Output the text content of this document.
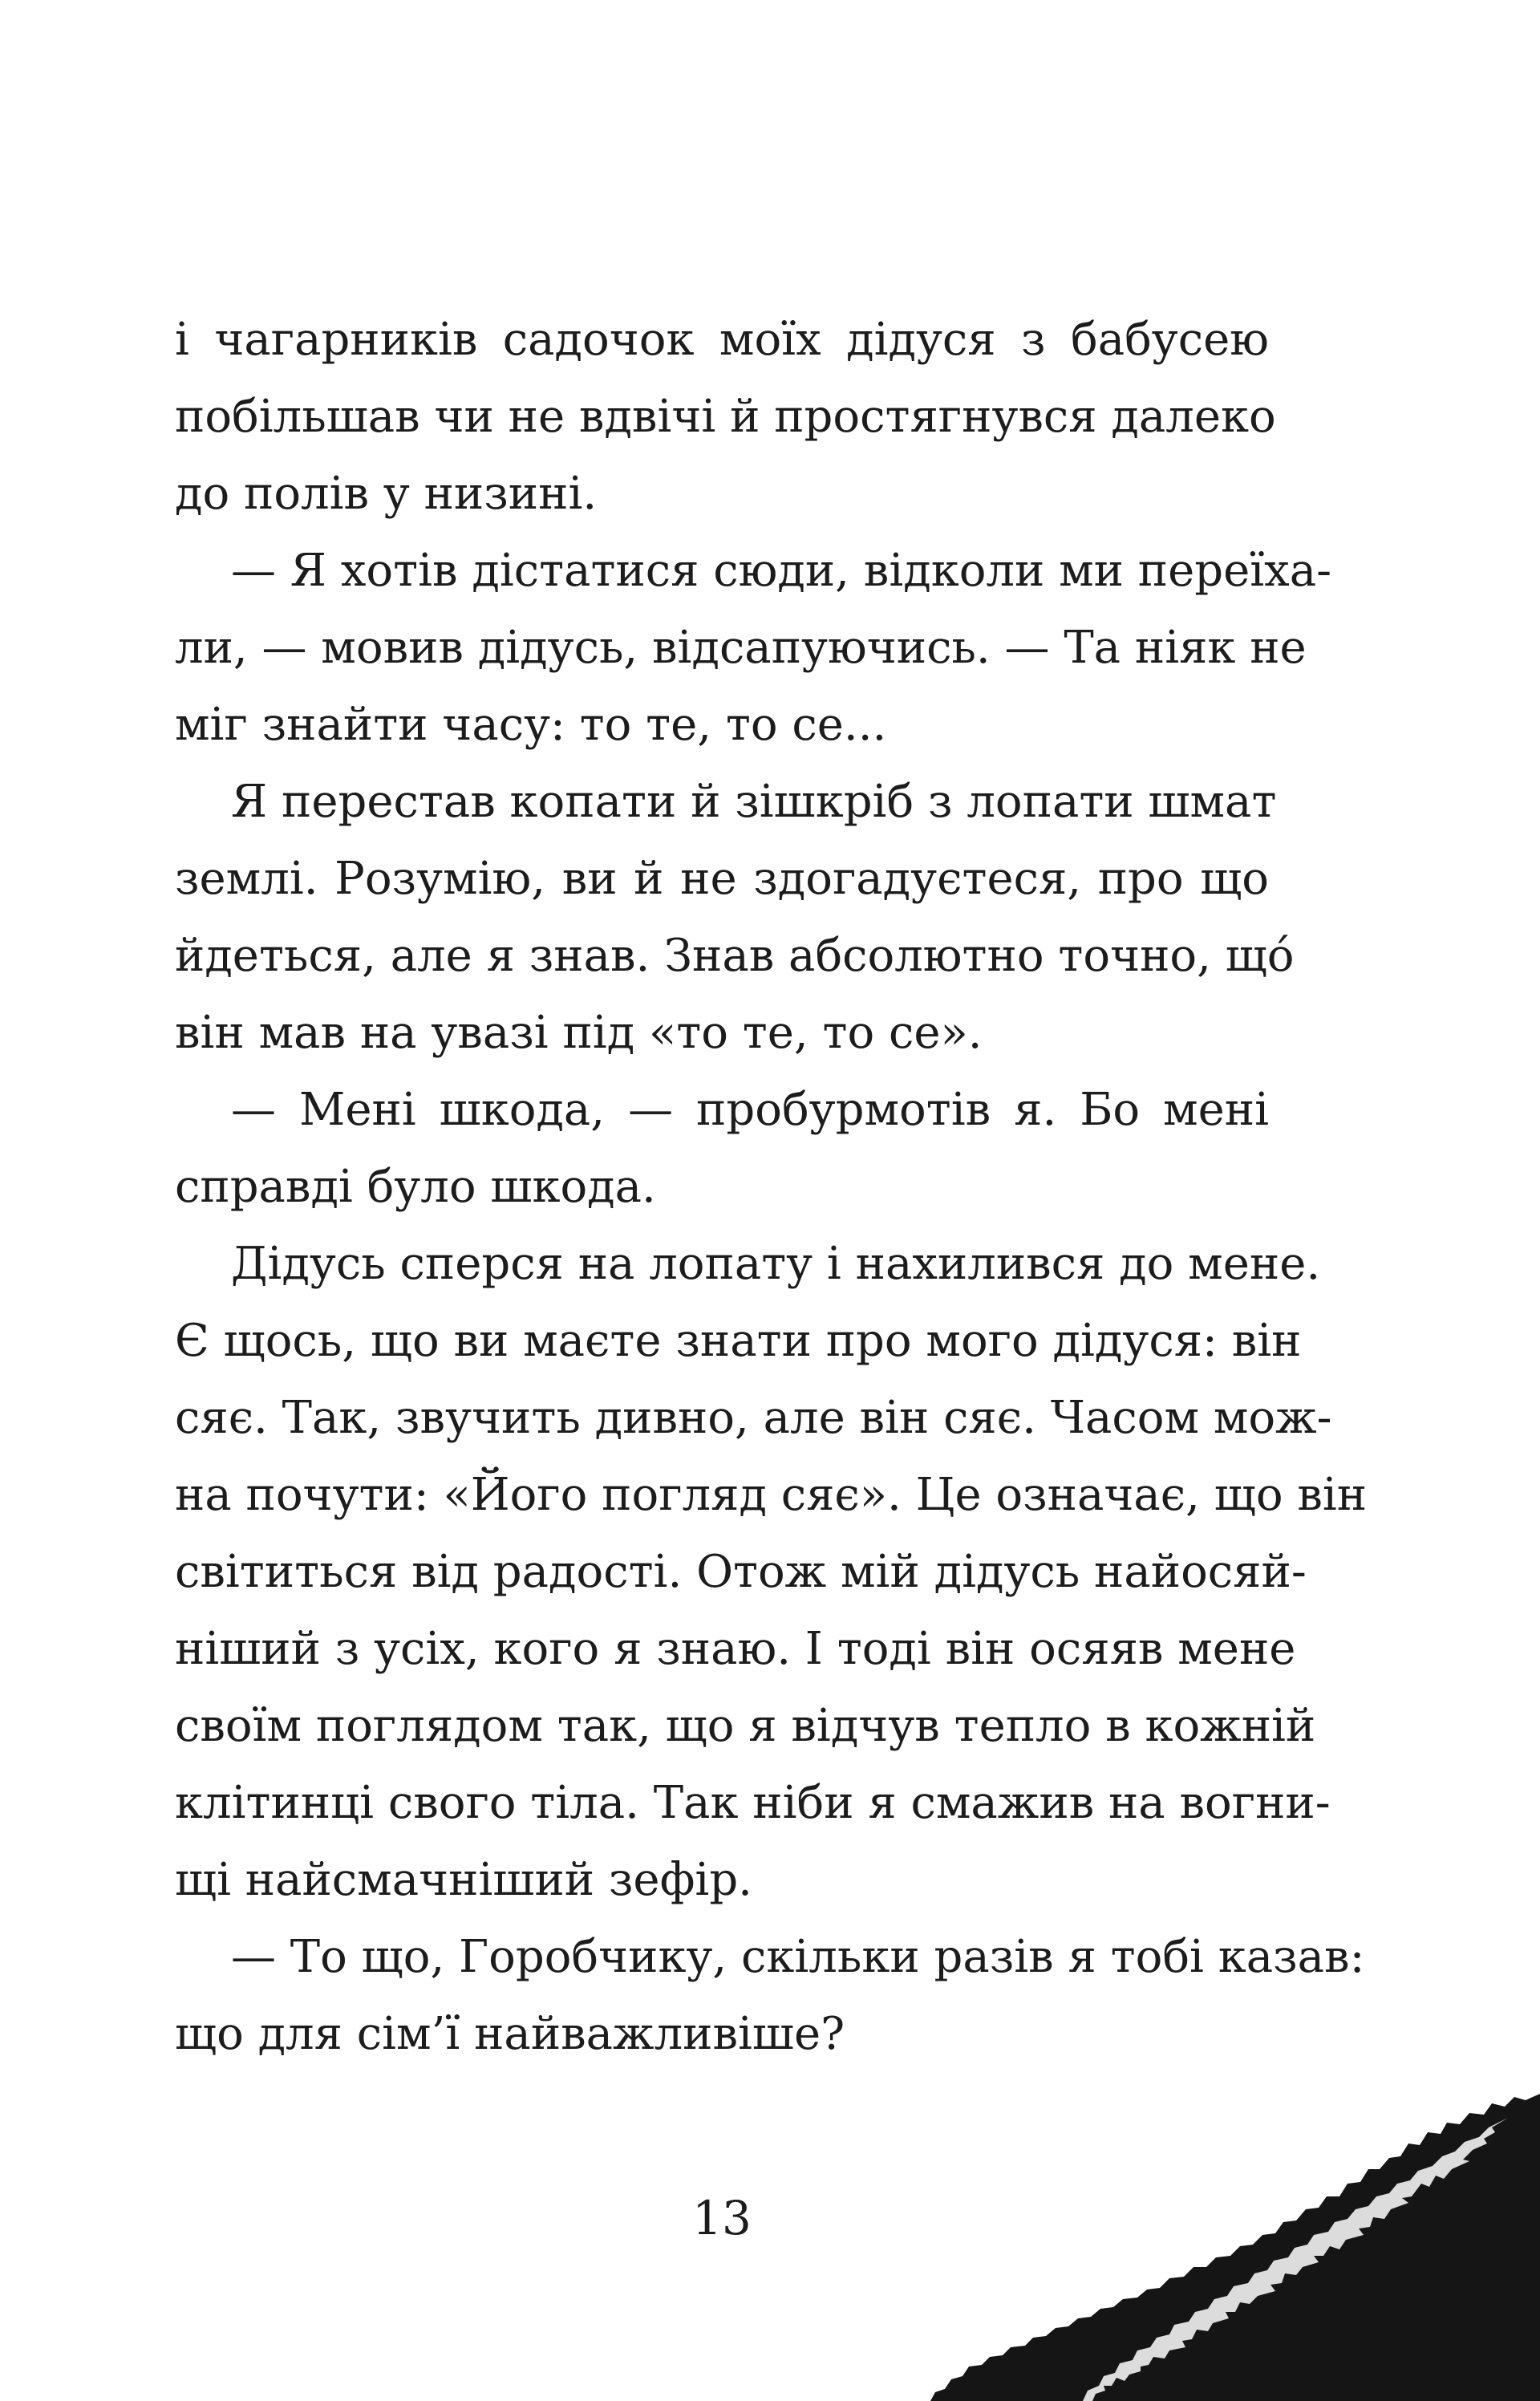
і чагарників садочок моїх дідуся з бабусею
побільшав чи не вдвічі й простягнувся далеко
до полів у низині.
— Я хотів дістатися сюди, відколи ми переїха-
ли, — мовив дідусь, відсапуючись. — Та ніяк не
міг знайти часу: то те, то се...
Я перестав копати й зішкріб з лопати шмат
землі. Розумію, ви й не здогадуєтеся, про що
йдеться, але я знав. Знав абсолютно точно, щó
він мав на увазі під «то те, то се».
— Мені шкода, — пробурмотів я. Бо мені
справді було шкода.
Дідусь сперся на лопату і нахилився до мене.
Є щось, що ви маєте знати про мого дідуся: він
сяє. Так, звучить дивно, але він сяє. Часом мож-
на почути: «Його погляд сяє». Це означає, що він
світиться від радості. Отож мій дідусь найосяй-
ніший з усіх, кого я знаю. І тоді він осяяв мене
своїм поглядом так, що я відчув тепло в кожній
клітинці свого тіла. Так ніби я смажив на вогни-
щі найсмачніший зефір.
— То що, Горобчику, скільки разів я тобі казав:
що для сім’ї найважливіше?
13
